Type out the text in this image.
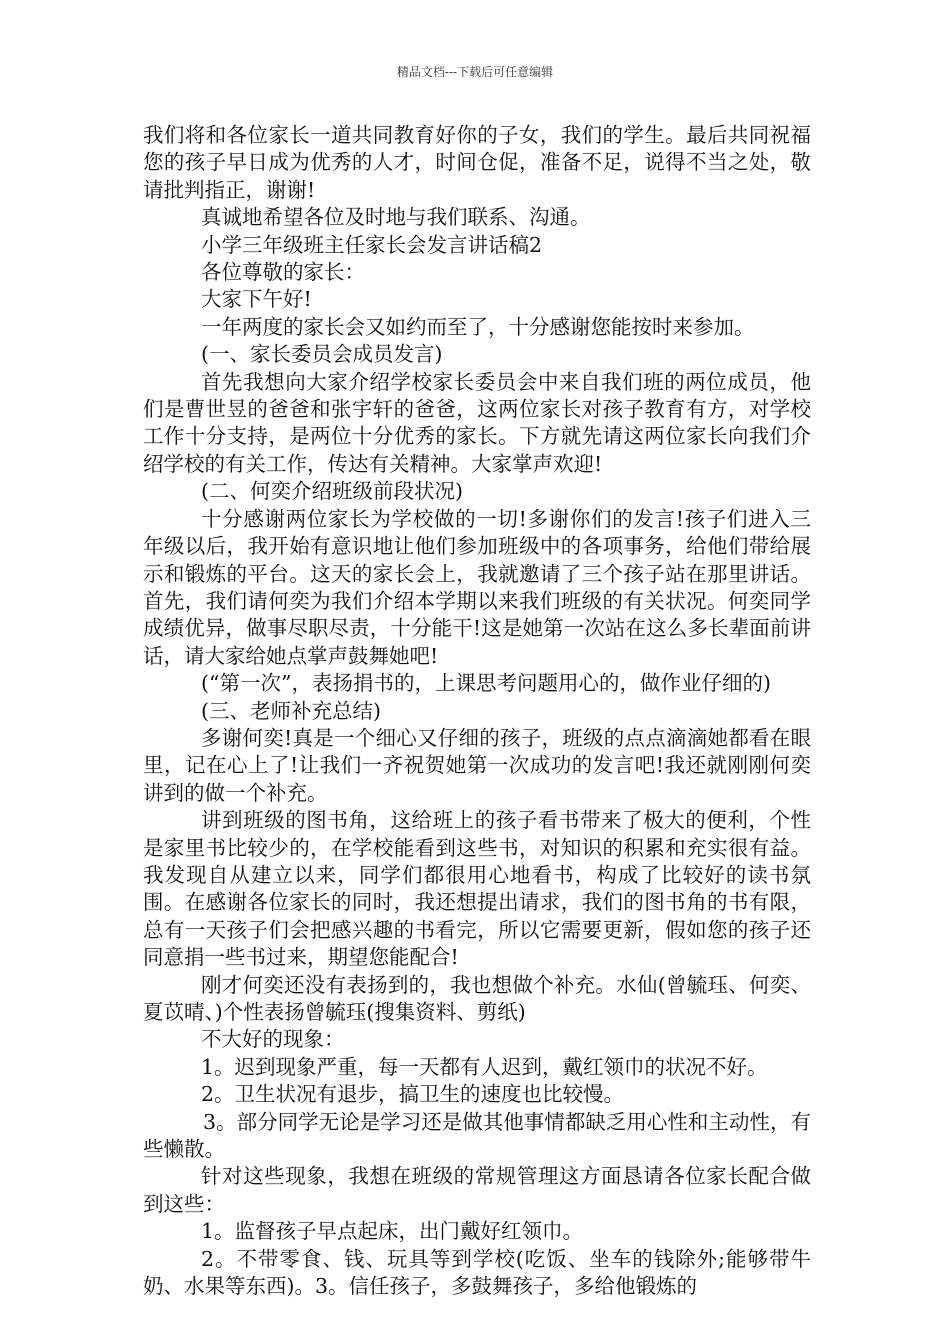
精品文档---下载后可任意编辑

我们将和各位家长一道共同教育好你的子女，我们的学生。最后共同祝福您的孩子早日成为优秀的人才，时间仓促，准备不足，说得不当之处，敬请批判指正，谢谢!

真诚地希望各位及时地与我们联系、沟通。

小学三年级班主任家长会发言讲话稿2

各位尊敬的家长：

大家下午好!

一年两度的家长会又如约而至了，十分感谢您能按时来参加。

(一、家长委员会成员发言)

首先我想向大家介绍学校家长委员会中来自我们班的两位成员，他们是曹世昱的爸爸和张宇轩的爸爸，这两位家长对孩子教育有方，对学校工作十分支持，是两位十分优秀的家长。下方就先请这两位家长向我们介绍学校的有关工作，传达有关精神。大家掌声欢迎!

(二、何奕介绍班级前段状况)

十分感谢两位家长为学校做的一切!多谢你们的发言!孩子们进入三年级以后，我开始有意识地让他们参加班级中的各项事务，给他们带给展示和锻炼的平台。这天的家长会上，我就邀请了三个孩子站在那里讲话。首先，我们请何奕为我们介绍本学期以来我们班级的有关状况。何奕同学成绩优异，做事尽职尽责，十分能干!这是她第一次站在这么多长辈面前讲话，请大家给她点掌声鼓舞她吧!

(“第一次”，表扬捐书的，上课思考问题用心的，做作业仔细的)

(三、老师补充总结)

多谢何奕!真是一个细心又仔细的孩子，班级的点点滴滴她都看在眼里，记在心上了!让我们一齐祝贺她第一次成功的发言吧!我还就刚刚何奕讲到的做一个补充。

讲到班级的图书角，这给班上的孩子看书带来了极大的便利，个性是家里书比较少的，在学校能看到这些书，对知识的积累和充实很有益。我发现自从建立以来，同学们都很用心地看书，构成了比较好的读书氛围。在感谢各位家长的同时，我还想提出请求，我们的图书角的书有限，总有一天孩子们会把感兴趣的书看完，所以它需要更新，假如您的孩子还同意捐一些书过来，期望您能配合!

刚才何奕还没有表扬到的，我也想做个补充。水仙(曾毓珏、何奕、夏苡晴、)个性表扬曾毓珏(搜集资料、剪纸)

不大好的现象：

1。迟到现象严重，每一天都有人迟到，戴红领巾的状况不好。

2。卫生状况有退步，搞卫生的速度也比较慢。

3。部分同学无论是学习还是做其他事情都缺乏用心性和主动性，有些懒散。

针对这些现象，我想在班级的常规管理这方面恳请各位家长配合做到这些：

1。监督孩子早点起床，出门戴好红领巾。

2。不带零食、钱、玩具等到学校(吃饭、坐车的钱除外;能够带牛奶、水果等东西)。3。信任孩子，多鼓舞孩子，多给他锻炼的
